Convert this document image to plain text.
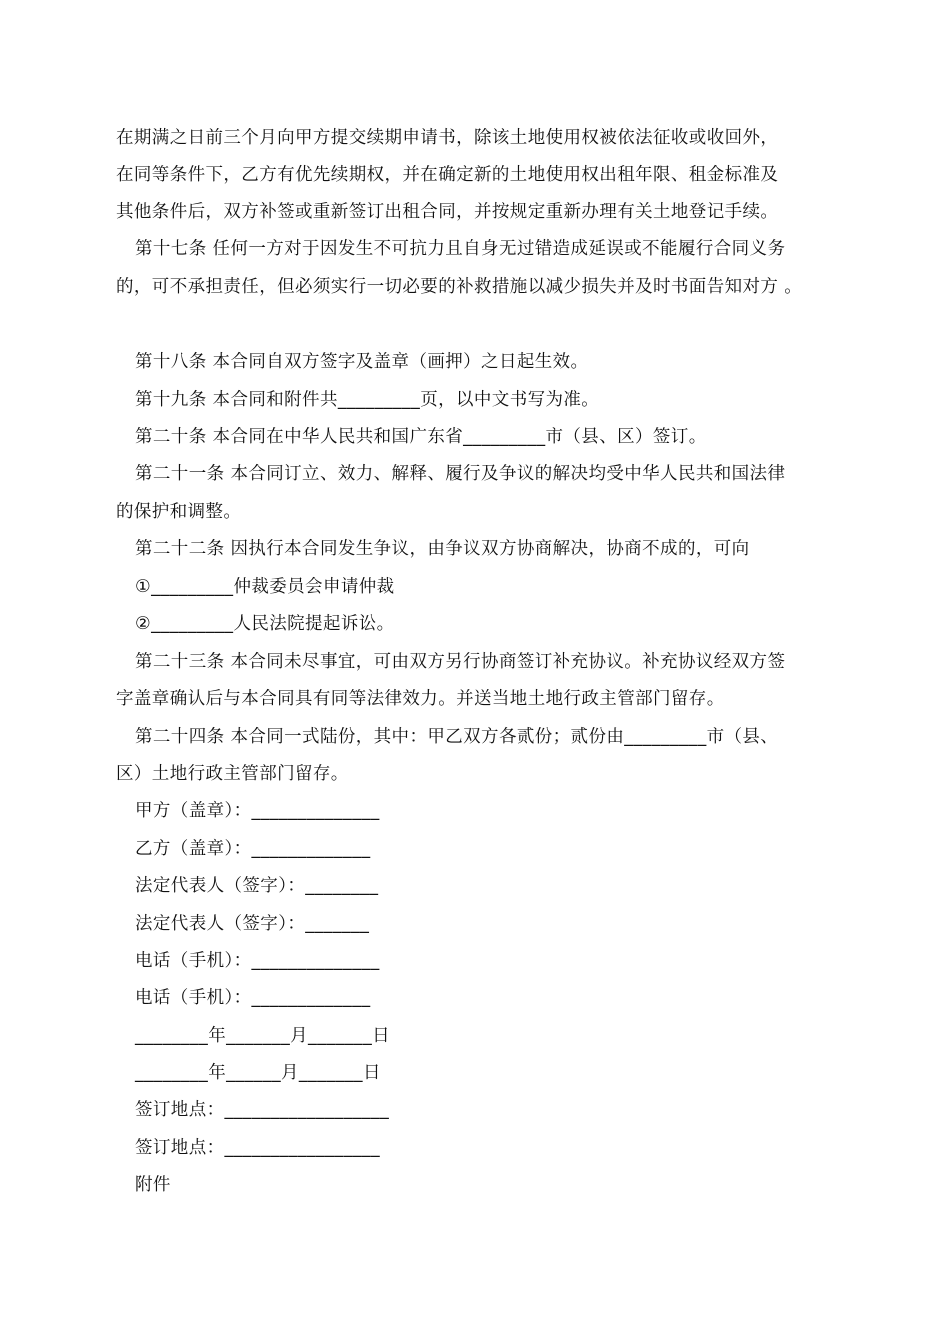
在期满之日前三个月向甲方提交续期申请书，除该土地使用权被依法征收或收回外，
在同等条件下，乙方有优先续期权，并在确定新的土地使用权出租年限、租金标准及
其他条件后，双方补签或重新签订出租合同，并按规定重新办理有关土地登记手续。
第十七条 任何一方对于因发生不可抗力且自身无过错造成延误或不能履行合同义务
的，可不承担责任，但必须实行一切必要的补救措施以减少损失并及时书面告知对方 。
第十八条 本合同自双方签字及盖章（画押）之日起生效。
第十九条 本合同和附件共_________页，以中文书写为准。
第二十条 本合同在中华人民共和国广东省_________市（县、区）签订。
第二十一条 本合同订立、效力、解释、履行及争议的解决均受中华人民共和国法律
的保护和调整。
第二十二条 因执行本合同发生争议，由争议双方协商解决，协商不成的，可向
①_________仲裁委员会申请仲裁
②_________人民法院提起诉讼。
第二十三条 本合同未尽事宜，可由双方另行协商签订补充协议。补充协议经双方签
字盖章确认后与本合同具有同等法律效力。并送当地土地行政主管部门留存。
第二十四条 本合同一式陆份，其中：甲乙双方各贰份；贰份由_________市（县、
区）土地行政主管部门留存。
甲方（盖章）：______________
乙方（盖章）：_____________
法定代表人（签字）：________
法定代表人（签字）：_______
电话（手机）：______________
电话（手机）：_____________
________年_______月_______日
________年______月_______日
签订地点：__________________
签订地点：_________________
附件
